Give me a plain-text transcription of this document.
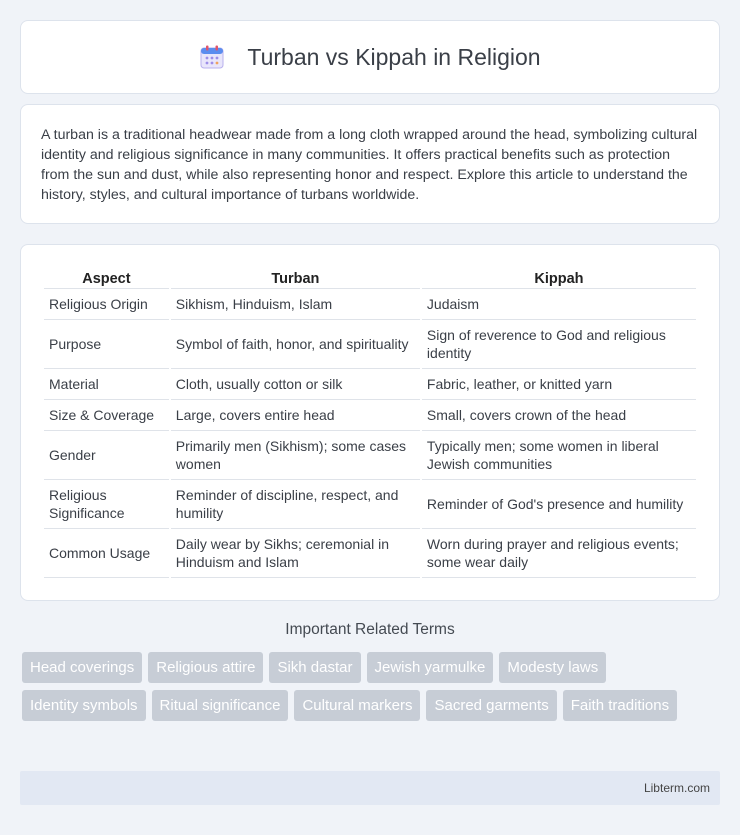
Turban vs Kippah in Religion

A turban is a traditional headwear made from a long cloth wrapped around the head, symbolizing cultural identity and religious significance in many communities. It offers practical benefits such as protection from the sun and dust, while also representing honor and respect. Explore this article to understand the history, styles, and cultural importance of turbans worldwide.

Aspect	Turban	Kippah
Religious Origin	Sikhism, Hinduism, Islam	Judaism
Purpose	Symbol of faith, honor, and spirituality	Sign of reverence to God and religious identity
Material	Cloth, usually cotton or silk	Fabric, leather, or knitted yarn
Size & Coverage	Large, covers entire head	Small, covers crown of the head
Gender	Primarily men (Sikhism); some cases women	Typically men; some women in liberal Jewish communities
Religious Significance	Reminder of discipline, respect, and humility	Reminder of God's presence and humility
Common Usage	Daily wear by Sikhs; ceremonial in Hinduism and Islam	Worn during prayer and religious events; some wear daily
Important Related Terms
Head coverings	Religious attire	Sikh dastar	Jewish yarmulke	Modesty laws
Identity symbols	Ritual significance	Cultural markers	Sacred garments	Faith traditions
Libterm.com
